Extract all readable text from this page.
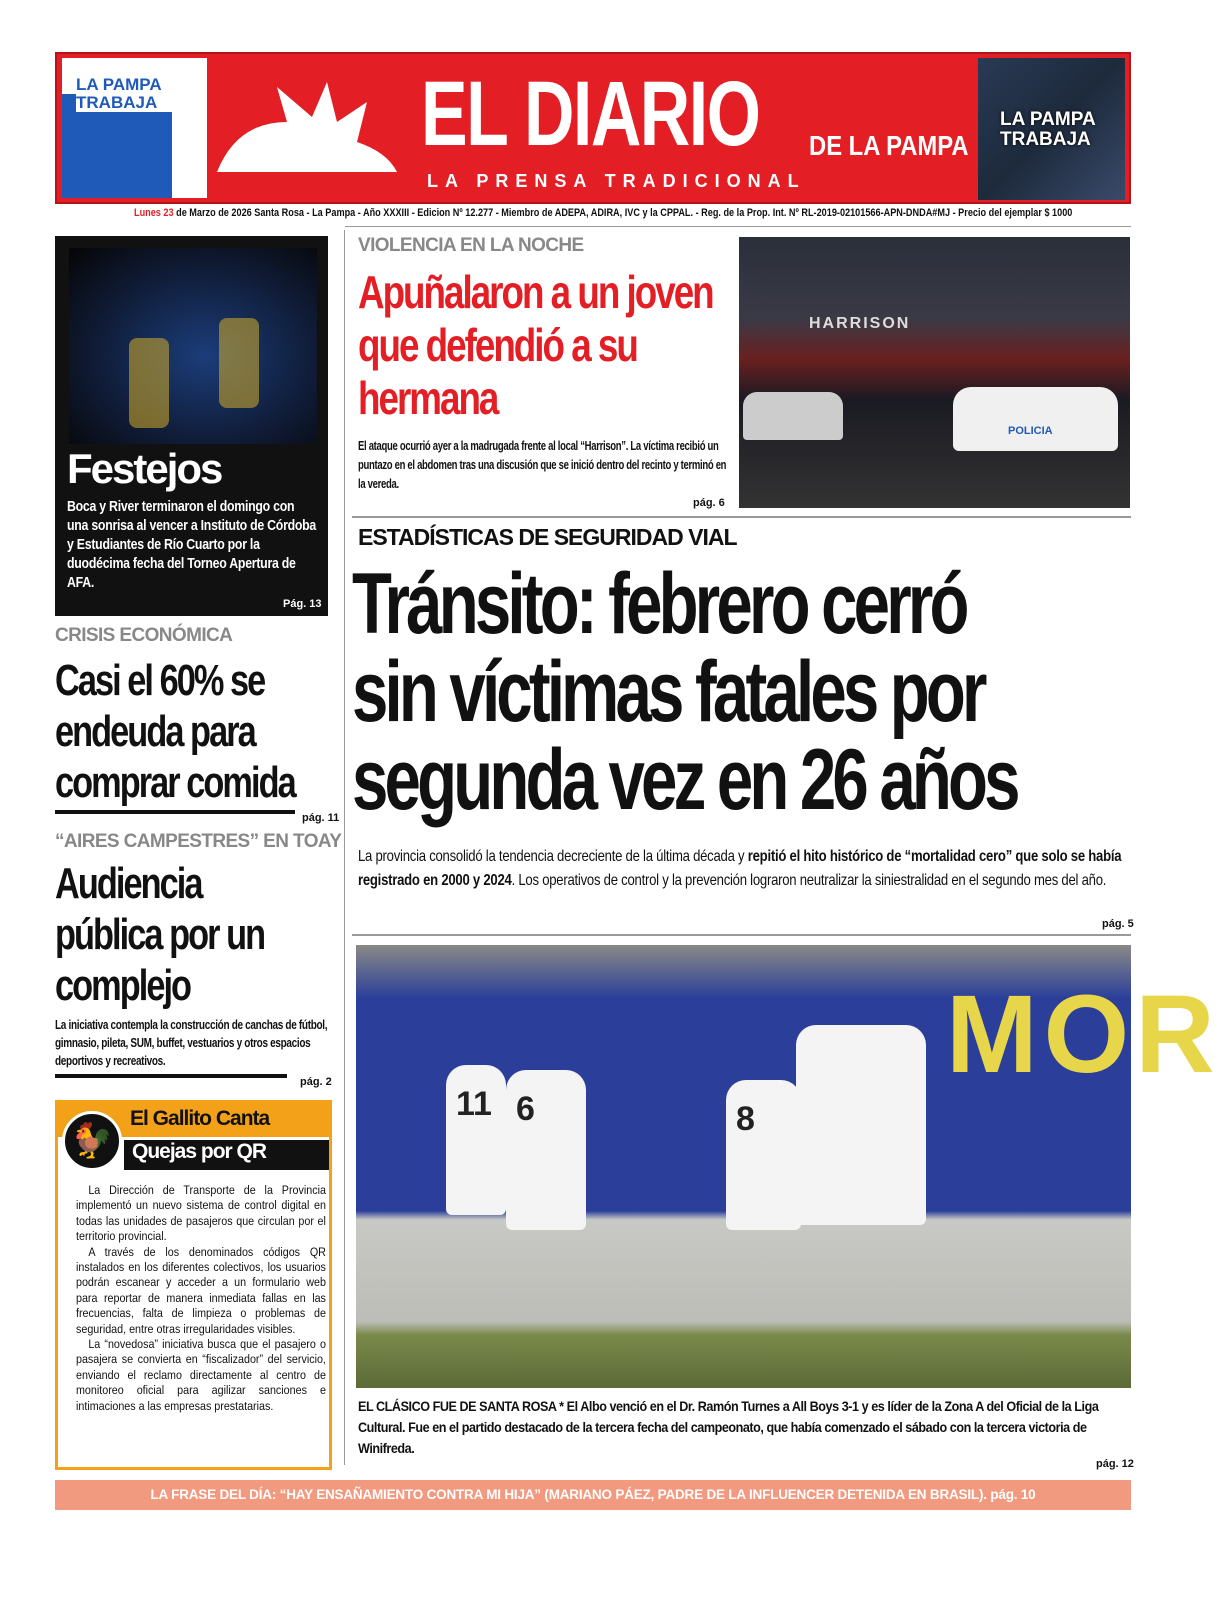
LA PAMPA TRABAJA	EL DIARIO DE LA PAMPA
LA PRENSA TRADICIONAL
LA PAMPA TRABAJA
Lunes 23 de Marzo de 2026 Santa Rosa - La Pampa - Año XXXIII - Edicion Nº 12.277 - Miembro de ADEPA, ADIRA, IVC y la CPPAL. - Reg. de la Prop. Int. Nº RL-2019-02101566-APN-DNDA#MJ - Precio del ejemplar $ 1000
Festejos

Boca y River terminaron el domingo con una sonrisa al vencer a Instituto de Córdoba y Estudiantes de Río Cuarto por la duodécima fecha del Torneo Apertura de AFA.

Pág. 13
CRISIS ECONÓMICA
Casi el 60% se endeuda para comprar comida
pág. 11
“AIRES CAMPESTRES” EN TOAY
Audiencia pública por un complejo

La iniciativa contempla la construcción de canchas de fútbol, gimnasio, pileta, SUM, buffet, vestuarios y otros espacios deportivos y recreativos.

pág. 2
El Gallito Canta
Quejas por QR
🐓

La Dirección de Transporte de la Provincia implementó un nuevo sistema de control digital en todas las unidades de pasajeros que circulan por el territorio provincial.
A través de los denominados códigos QR instalados en los diferentes colectivos, los usuarios podrán escanear y acceder a un formulario web para reportar de manera inmediata fallas en las frecuencias, falta de limpieza o problemas de seguridad, entre otras irregularidades visibles.
La “novedosa” iniciativa busca que el pasajero o pasajera se convierta en “fiscalizador” del servicio, enviando el reclamo directamente al centro de monitoreo oficial para agilizar sanciones e intimaciones a las empresas prestatarias.

VIOLENCIA EN LA NOCHE
Apuñalaron a un joven que defendió a su hermana

El ataque ocurrió ayer a la madrugada frente al local “Harrison”. La víctima recibió un puntazo en el abdomen tras una discusión que se inició dentro del recinto y terminó en la vereda.

pág. 6
HARRISON
POLICIA
ESTADÍSTICAS DE SEGURIDAD VIAL
Tránsito: febrero cerró
sin víctimas fatales por
segunda vez en 26 años

La provincia consolidó la tendencia decreciente de la última década y repitió el hito histórico de “mortalidad cero” que solo se había registrado en 2000 y 2024. Los operativos de control y la prevención lograron neutralizar la siniestralidad en el segundo mes del año.

pág. 5
11 6	8
MOR

EL CLÁSICO FUE DE SANTA ROSA * El Albo venció en el Dr. Ramón Turnes a All Boys 3-1 y es líder de la Zona A del Oficial de la Liga Cultural. Fue en el partido destacado de la tercera fecha del campeonato, que había comenzado el sábado con la tercera victoria de Winifreda.

pág. 12
LA FRASE DEL DÍA: “HAY ENSAÑAMIENTO CONTRA MI HIJA” (MARIANO PÁEZ, PADRE DE LA INFLUENCER DETENIDA EN BRASIL). pág. 10
